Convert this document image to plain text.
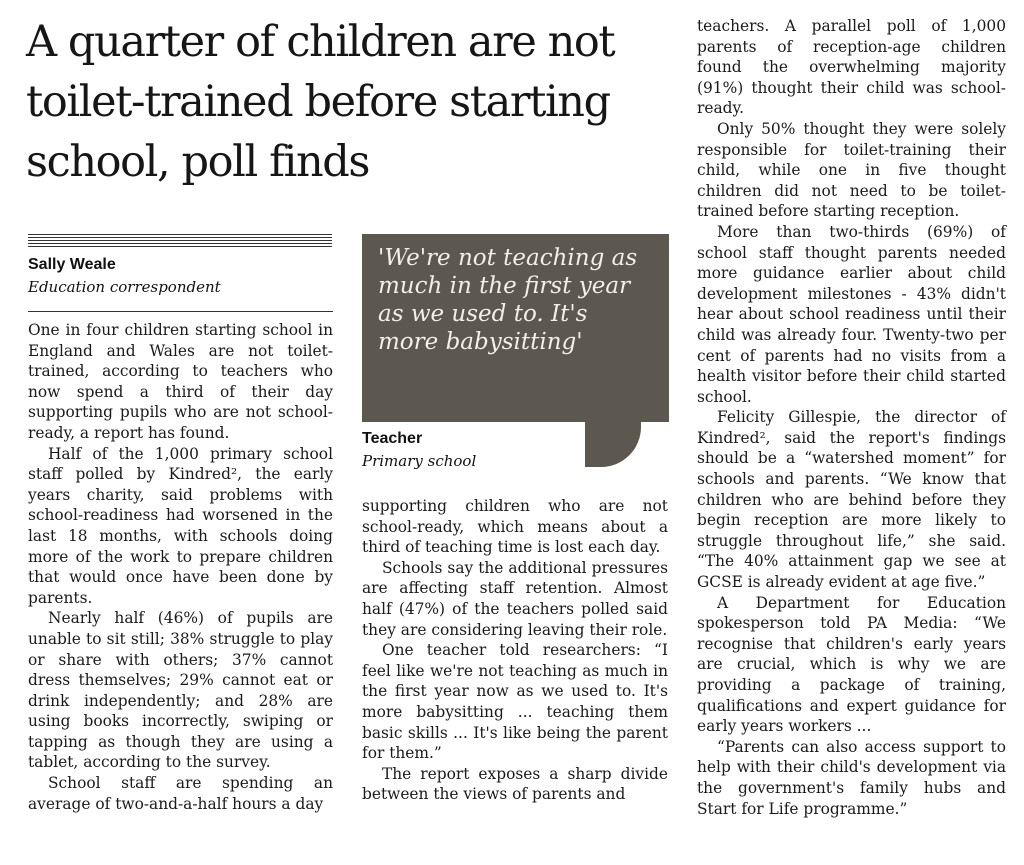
A quarter of children are not toilet-trained before starting school, poll finds
Sally Weale
Education correspondent

One in four children starting school in England and Wales are not toilet-trained, according to teachers who now spend a third of their day supporting pupils who are not school-ready, a report has found.

Half of the 1,000 primary school staff polled by Kindred², the early years charity, said problems with school-readiness had worsened in the last 18 months, with schools doing more of the work to prepare children that would once have been done by parents.

Nearly half (46%) of pupils are unable to sit still; 38% struggle to play or share with others; 37% cannot dress themselves; 29% cannot eat or drink independently; and 28% are using books incorrectly, swiping or tapping as though they are using a tablet, according to the survey.

School staff are spending an average of two-and-a-half hours a day

'We're not teaching as much in the first year as we used to. It's more babysitting'

Teacher
Primary school

supporting children who are not school-ready, which means about a third of teaching time is lost each day.

Schools say the additional pressures are affecting staff retention. Almost half (47%) of the teachers polled said they are considering leaving their role.

One teacher told researchers: “I feel like we're not teaching as much in the first year now as we used to. It's more babysitting ... teaching them basic skills ... It's like being the parent for them.”

The report exposes a sharp divide between the views of parents and

teachers. A parallel poll of 1,000 parents of reception-age children found the overwhelming majority (91%) thought their child was school-ready.

Only 50% thought they were solely responsible for toilet-training their child, while one in five thought children did not need to be toilet-trained before starting reception.

More than two-thirds (69%) of school staff thought parents needed more guidance earlier about child development milestones - 43% didn't hear about school readiness until their child was already four. Twenty-two per cent of parents had no visits from a health visitor before their child started school.

Felicity Gillespie, the director of Kindred², said the report's findings should be a “watershed moment” for schools and parents. “We know that children who are behind before they begin reception are more likely to struggle throughout life,” she said. “The 40% attainment gap we see at GCSE is already evident at age five.”

A Department for Education spokesperson told PA Media: “We recognise that children's early years are crucial, which is why we are providing a package of training, qualifications and expert guidance for early years workers ...

“Parents can also access support to help with their child's development via the government's family hubs and Start for Life programme.”
